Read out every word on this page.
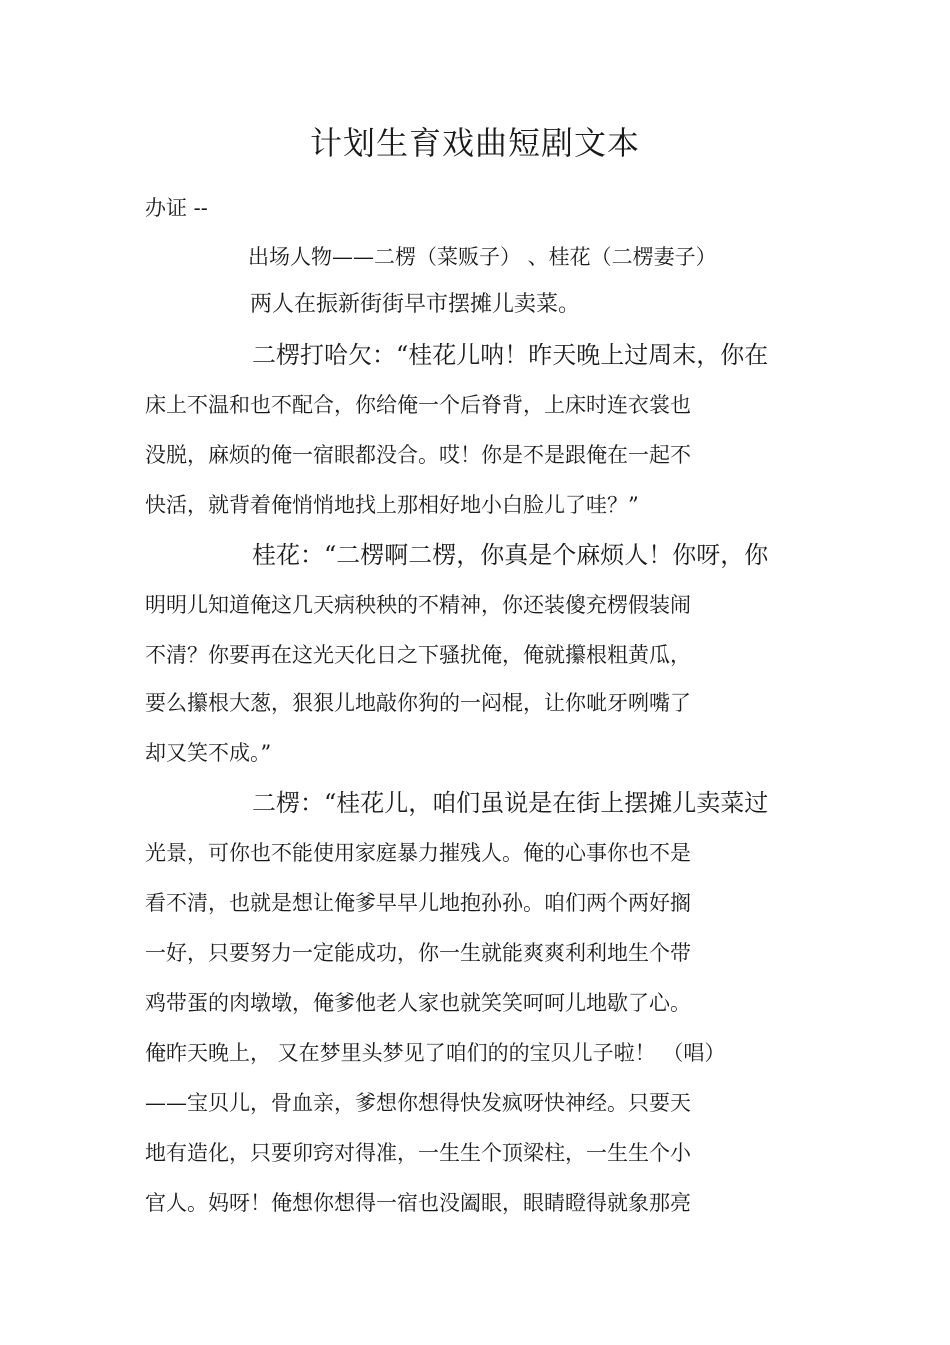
计划生育戏曲短剧文本
办证 --
出场人物——二楞（菜贩子） 、桂花（二楞妻子）
两人在振新街街早市摆摊儿卖菜。
二楞打哈欠：“桂花儿呐！昨天晚上过周末，你在
床上不温和也不配合，你给俺一个后脊背，上床时连衣裳也
没脱，麻烦的俺一宿眼都没合。哎！你是不是跟俺在一起不
快活，就背着俺悄悄地找上那相好地小白脸儿了哇？”
桂花：“二楞啊二楞，你真是个麻烦人！你呀，你
明明儿知道俺这几天病秧秧的不精神，你还装傻充楞假装闹
不清？你要再在这光天化日之下骚扰俺，俺就攥根粗黄瓜，
要么攥根大葱，狠狠儿地敲你狗的一闷棍，让你呲牙咧嘴了
却又笑不成。”
二楞：“桂花儿，咱们虽说是在街上摆摊儿卖菜过
光景，可你也不能使用家庭暴力摧残人。俺的心事你也不是
看不清，也就是想让俺爹早早儿地抱孙孙。咱们两个两好搁
一好，只要努力一定能成功，你一生就能爽爽利利地生个带
鸡带蛋的肉墩墩，俺爹他老人家也就笑笑呵呵儿地歇了心。
俺昨天晚上， 又在梦里头梦见了咱们的的宝贝儿子啦！ （唱）
——宝贝儿，骨血亲，爹想你想得快发疯呀快神经。只要天
地有造化，只要卯窍对得准，一生生个顶梁柱，一生生个小
官人。妈呀！俺想你想得一宿也没阖眼，眼睛瞪得就象那亮
